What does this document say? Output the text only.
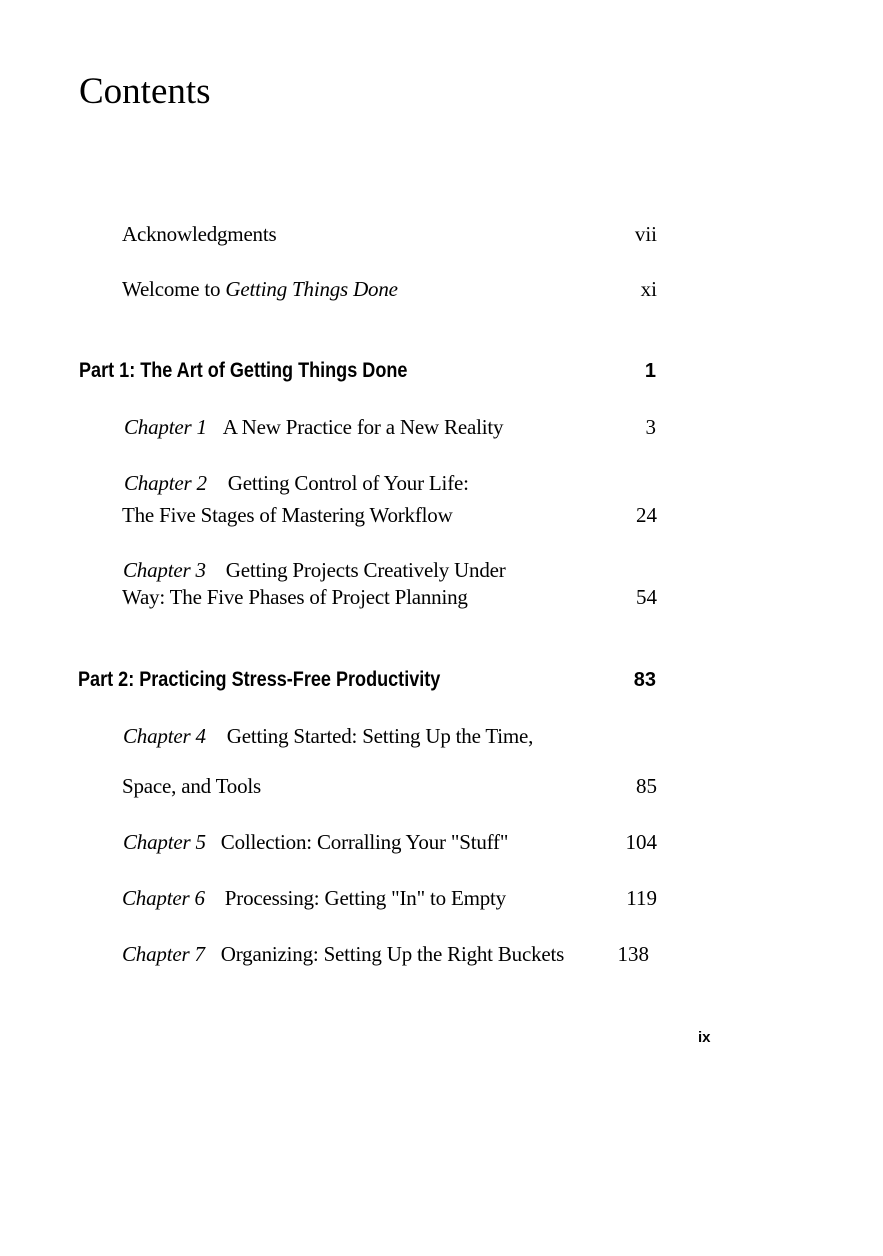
Contents
Acknowledgments	vii
Welcome to Getting Things Done	xi
Part 1: The Art of Getting Things Done	1
Chapter 1 A New Practice for a New Reality	3
Chapter 2 Getting Control of Your Life:
The Five Stages of Mastering Workflow	24
Chapter 3 Getting Projects Creatively Under
Way: The Five Phases of Project Planning	54
Part 2: Practicing Stress-Free Productivity	83
Chapter 4 Getting Started: Setting Up the Time,
Space, and Tools	85
Chapter 5 Collection: Corralling Your "Stuff"	104
Chapter 6 Processing: Getting "In" to Empty	119
Chapter 7 Organizing: Setting Up the Right Buckets	138
ix
